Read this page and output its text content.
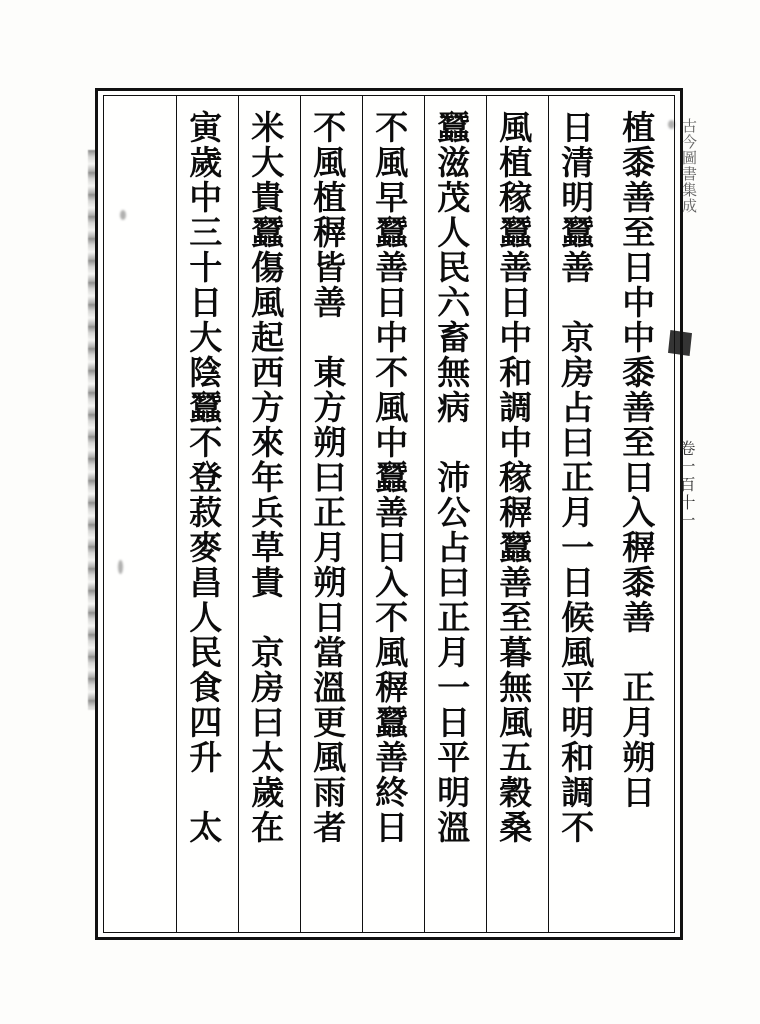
植黍善至日中中黍善至日入稺黍善　正月朔日
日清明蠶善　京房占曰正月一日候風平明和調不
風植稼蠶善日中和調中稼稺蠶善至暮無風五穀桑
蠶滋茂人民六畜無病　沛公占曰正月一日平明溫
不風早蠶善日中不風中蠶善日入不風稺蠶善終日
不風植稺皆善　東方朔曰正月朔日當溫更風雨者
米大貴蠶傷風起西方來年兵草貴　京房曰太歲在
寅歲中三十日大陰蠶不登菽麥昌人民食四升　太	古今圖書集成
卷一百十一
